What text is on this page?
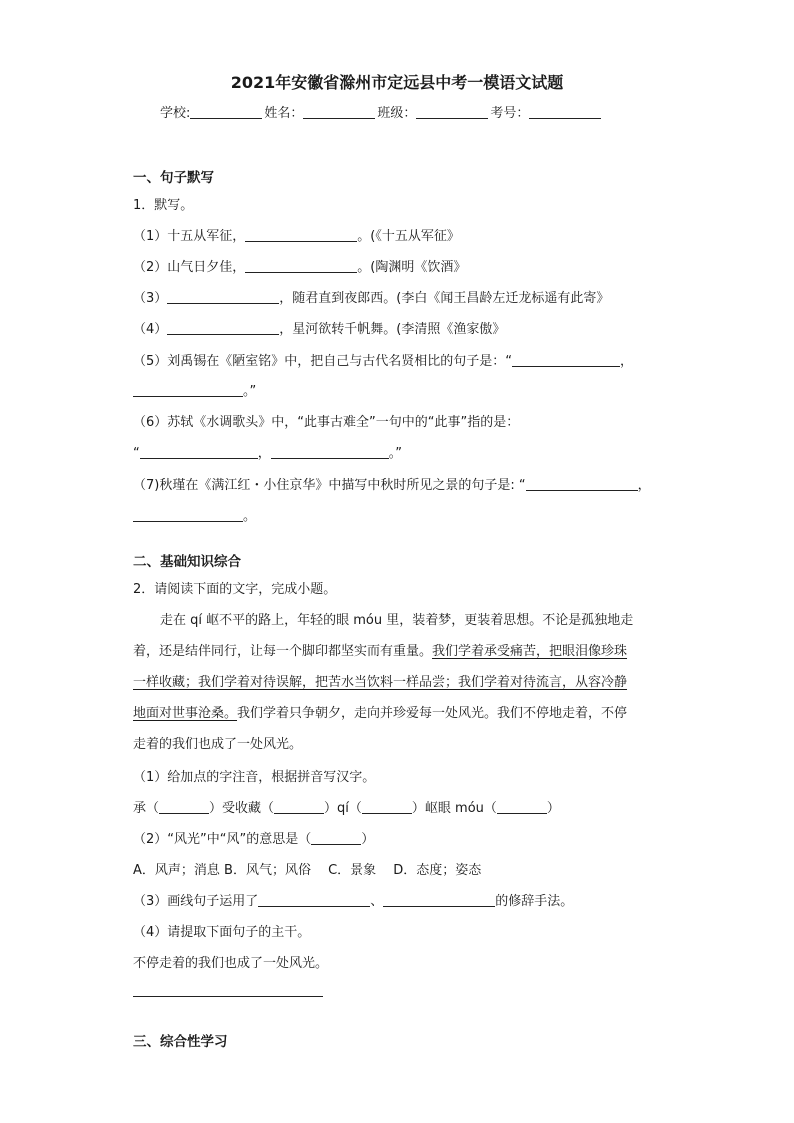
2021年安徽省滁州市定远县中考一模语文试题
学校:	姓名：	班级：	考号：
一、句子默写
1．默写。
（1）十五从军征，	。(《十五从军征》
（2）山气日夕佳，	。(陶渊明《饮酒》
（3）	，随君直到夜郎西。(李白《闻王昌龄左迁龙标遥有此寄》
（4）	，星河欲转千帆舞。(李清照《渔家傲》
（5）刘禹锡在《陋室铭》中，把自己与古代名贤相比的句子是：“	，
。”
（6）苏轼《水调歌头》中，“此事古难全”一句中的“此事”指的是：
“	，	。”
（7)秋瑾在《满江红・小住京华》中描写中秋时所见之景的句子是: “	，
。
二、基础知识综合
2．请阅读下面的文字，完成小题。
走在 qí 岖不平的路上，年轻的眼 móu 里，装着梦，更装着思想。不论是孤独地走
着，还是结伴同行，让每一个脚印都坚实而有重量。我们学着承受痛苦，把眼泪像珍珠
一样收藏；我们学着对待误解，把苦水当饮料一样品尝；我们学着对待流言，从容冷静
地面对世事沧桑。我们学着只争朝夕，走向并珍爱每一处风光。我们不停地走着，不停
走着的我们也成了一处风光。
（1）给加点的字注音，根据拼音写汉字。
承（	）受收藏（	）qí（	）岖眼 móu（	）
（2）“风光”中“风”的意思是（	）
A．风声；消息 B．风气；风俗　 C．景象　 D．态度；姿态
（3）画线句子运用了	、	的修辞手法。
（4）请提取下面句子的主干。
不停走着的我们也成了一处风光。
三、综合性学习
